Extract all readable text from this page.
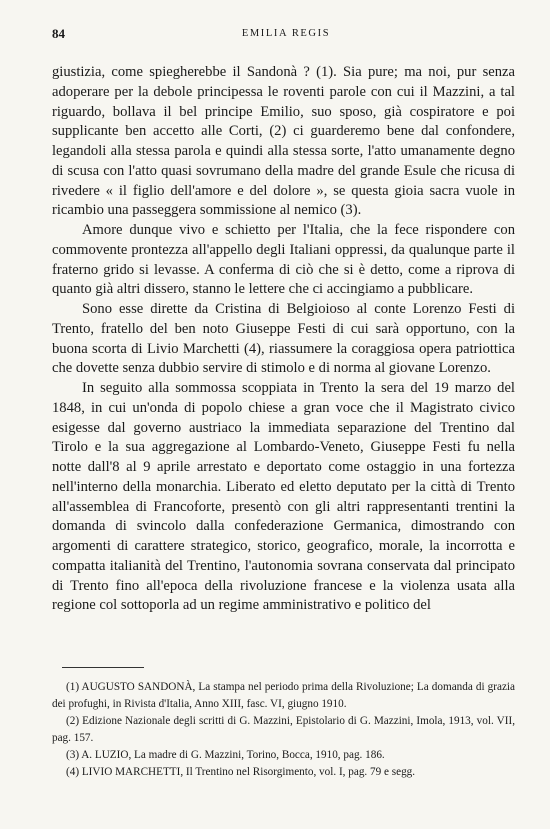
84	EMILIA REGIS

giustizia, come spiegherebbe il Sandonà ? (1). Sia pure; ma noi, pur senza adoperare per la debole principessa le roventi parole con cui il Mazzini, a tal riguardo, bollava il bel principe Emilio, suo sposo, già cospiratore e poi supplicante ben accetto alle Corti, (2) ci guarderemo bene dal confondere, legandoli alla stessa parola e quindi alla stessa sorte, l'atto umanamente degno di scusa con l'atto quasi sovrumano della madre del grande Esule che ricusa di rivedere « il figlio dell'amore e del dolore », se questa gioia sacra vuole in ricambio una passeggera sommissione al nemico (3).

Amore dunque vivo e schietto per l'Italia, che la fece rispondere con commovente prontezza all'appello degli Italiani oppressi, da qualunque parte il fraterno grido si levasse. A conferma di ciò che si è detto, come a riprova di quanto già altri dissero, stanno le lettere che ci accingiamo a pubblicare.

Sono esse dirette da Cristina di Belgioioso al conte Lorenzo Festi di Trento, fratello del ben noto Giuseppe Festi di cui sarà opportuno, con la buona scorta di Livio Marchetti (4), riassumere la coraggiosa opera patriottica che dovette senza dubbio servire di stimolo e di norma al giovane Lorenzo.

In seguito alla sommossa scoppiata in Trento la sera del 19 marzo del 1848, in cui un'onda di popolo chiese a gran voce che il Magistrato civico esigesse dal governo austriaco la immediata separazione del Trentino dal Tirolo e la sua aggregazione al Lombardo-Veneto, Giuseppe Festi fu nella notte dall'8 al 9 aprile arrestato e deportato come ostaggio in una fortezza nell'interno della monarchia. Liberato ed eletto deputato per la città di Trento all'assemblea di Francoforte, presentò con gli altri rappresentanti trentini la domanda di svincolo dalla confederazione Germanica, dimostrando con argomenti di carattere strategico, storico, geografico, morale, la incorrotta e compatta italianità del Trentino, l'autonomia sovrana conservata dal principato di Trento fino all'epoca della rivoluzione francese e la violenza usata alla regione col sottoporla ad un regime amministrativo e politico del

(1) AUGUSTO SANDONÀ, La stampa nel periodo prima della Rivoluzione; La domanda di grazia dei profughi, in Rivista d'Italia, Anno XIII, fasc. VI, giugno 1910.

(2) Edizione Nazionale degli scritti di G. Mazzini, Epistolario di G. Mazzini, Imola, 1913, vol. VII, pag. 157.

(3) A. LUZIO, La madre di G. Mazzini, Torino, Bocca, 1910, pag. 186.

(4) LIVIO MARCHETTI, Il Trentino nel Risorgimento, vol. I, pag. 79 e segg.
